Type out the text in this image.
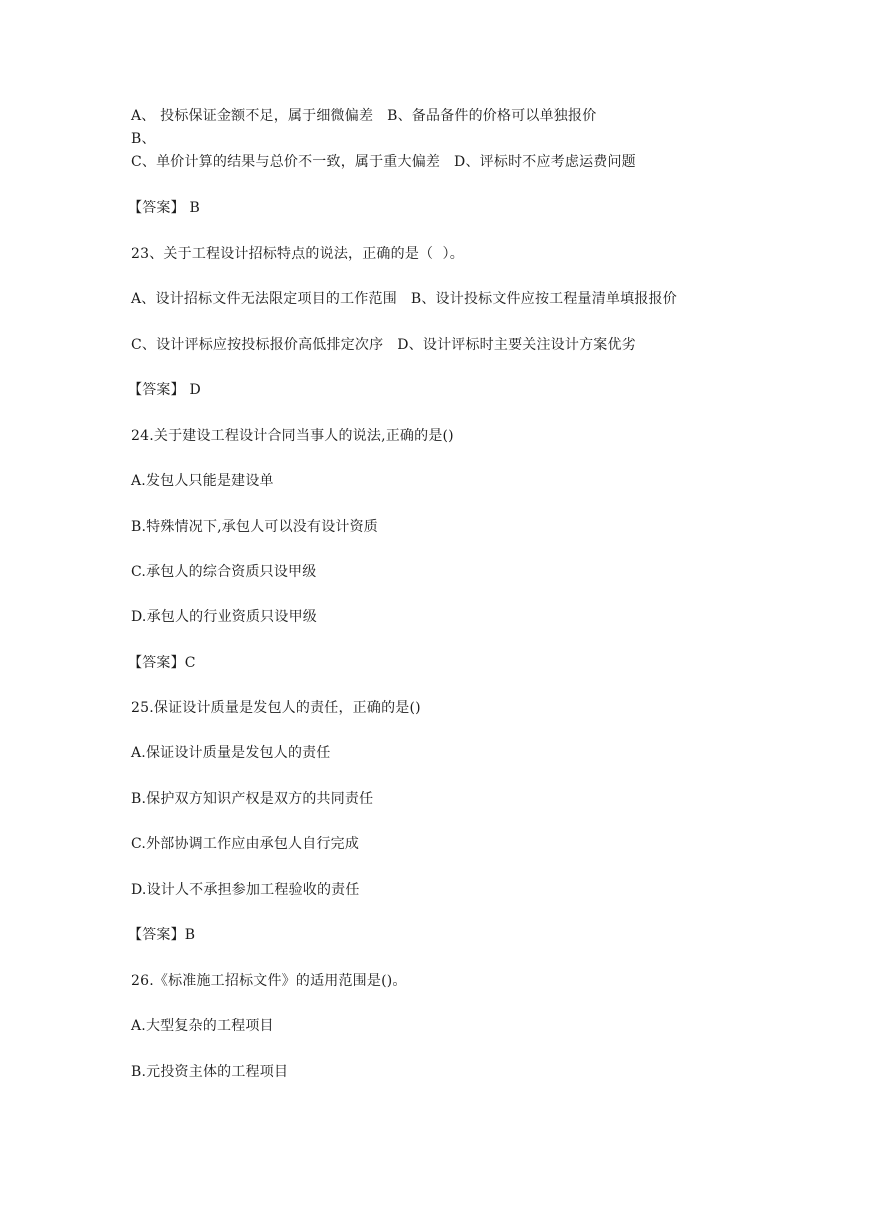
A、 投标保证金额不足，属于细微偏差   B、备品备件的价格可以单独报价
B、
C、单价计算的结果与总价不一致，属于重大偏差   D、评标时不应考虑运费问题
【答案】 B
23、关于工程设计招标特点的说法，正确的是（  ）。
A、设计招标文件无法限定项目的工作范围   B、设计投标文件应按工程量清单填报报价
C、设计评标应按投标报价高低排定次序   D、设计评标时主要关注设计方案优劣
【答案】 D
24.关于建设工程设计合同当事人的说法,正确的是()
A.发包人只能是建设单
B.特殊情况下,承包人可以没有设计资质
C.承包人的综合资质只设甲级
D.承包人的行业资质只设甲级
【答案】C
25.保证设计质量是发包人的责任，正确的是()
A.保证设计质量是发包人的责任
B.保护双方知识产权是双方的共同责任
C.外部协调工作应由承包人自行完成
D.设计人不承担参加工程验收的责任
【答案】B
26.《标准施工招标文件》的适用范围是()。
A.大型复杂的工程项目
B.元投资主体的工程项目
